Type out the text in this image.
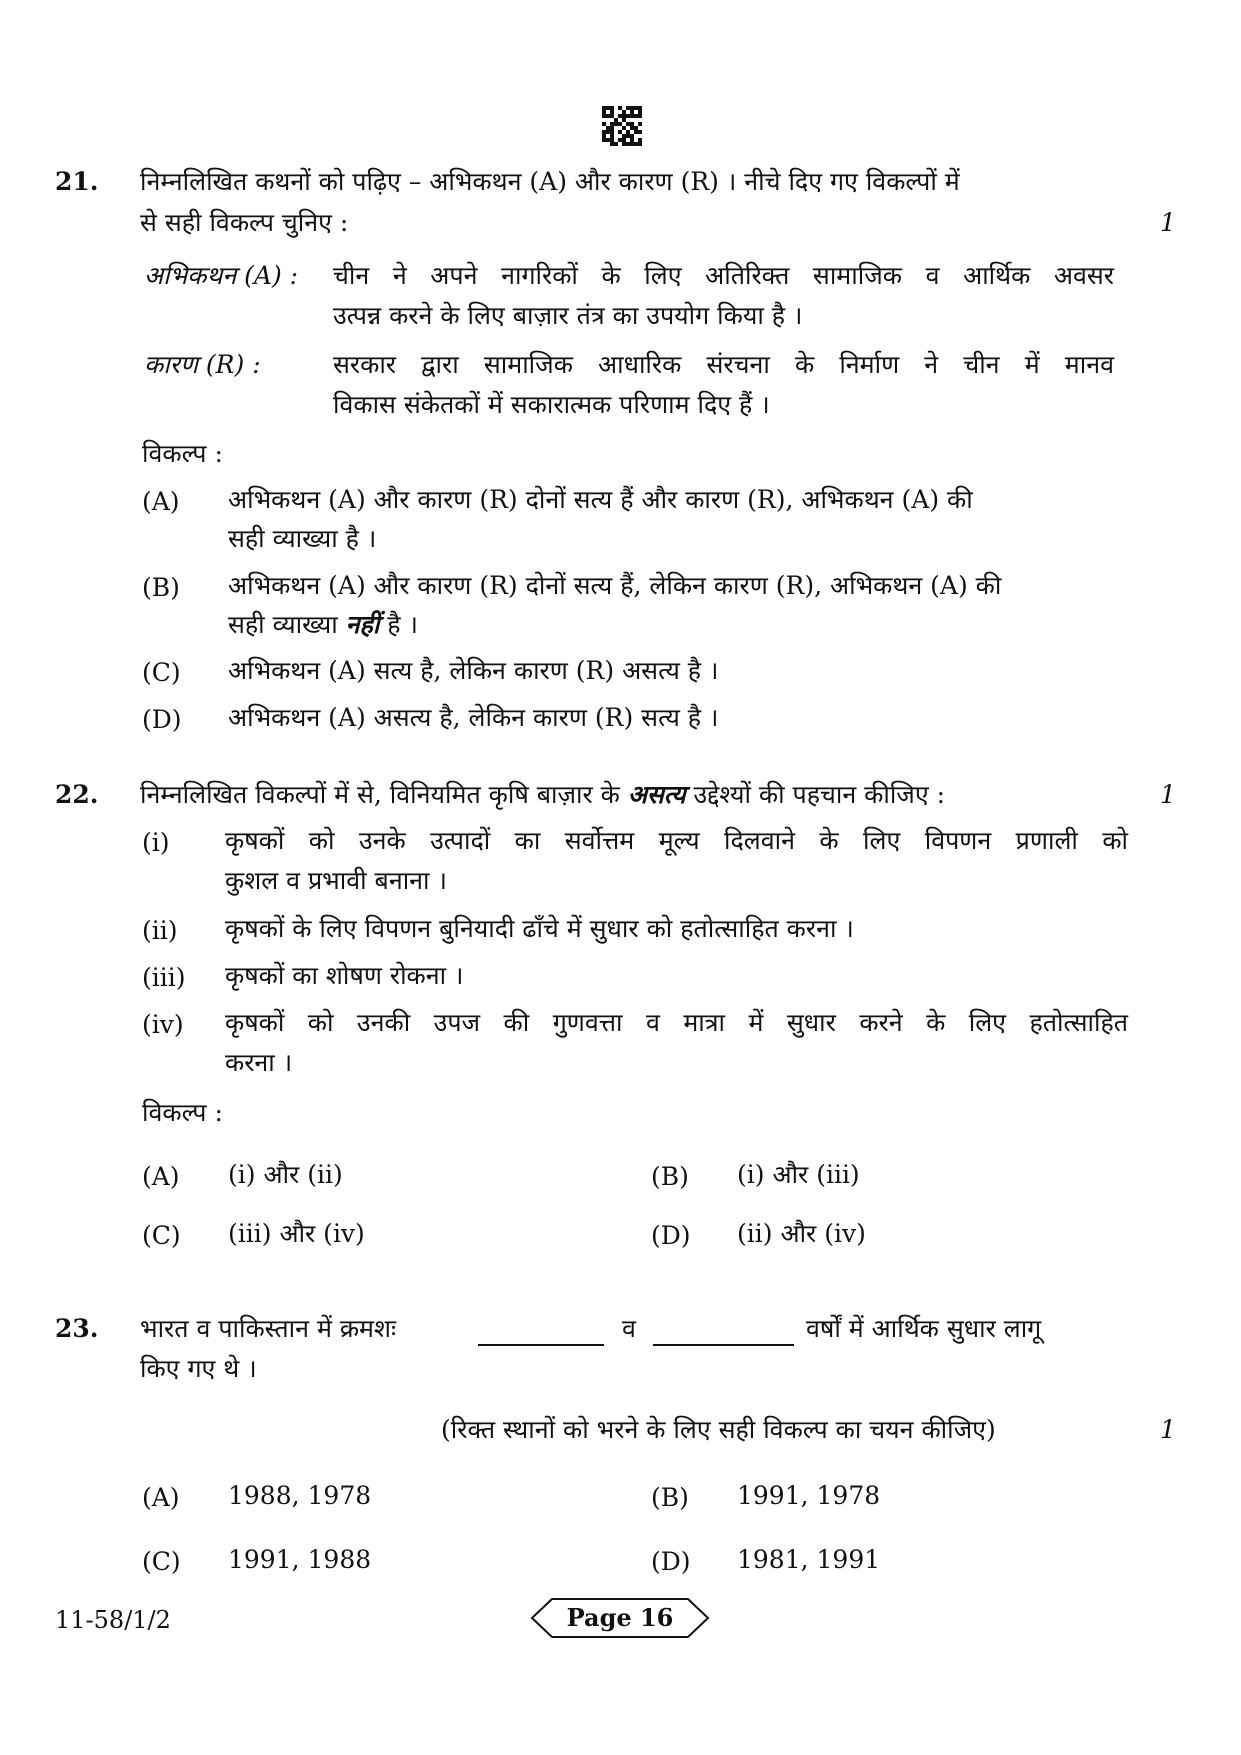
21. निम्नलिखित कथनों को पढ़िए – अभिकथन (A) और कारण (R) । नीचे दिए गए विकल्पों में
से सही विकल्प चुनिए :	1
अभिकथन (A) : चीन ने अपने नागरिकों के लिए अतिरिक्त सामाजिक व आर्थिक अवसर
उत्पन्न करने के लिए बाज़ार तंत्र का उपयोग किया है ।
कारण (R) :	सरकार द्वारा सामाजिक आधारिक संरचना के निर्माण ने चीन में मानव
विकास संकेतकों में सकारात्मक परिणाम दिए हैं ।
विकल्प :
(A) अभिकथन (A) और कारण (R) दोनों सत्य हैं और कारण (R), अभिकथन (A) की
सही व्याख्या है ।
(B) अभिकथन (A) और कारण (R) दोनों सत्य हैं, लेकिन कारण (R), अभिकथन (A) की
सही व्याख्या नहीं है ।
(C) अभिकथन (A) सत्य है, लेकिन कारण (R) असत्य है ।
(D) अभिकथन (A) असत्य है, लेकिन कारण (R) सत्य है ।
22. निम्नलिखित विकल्पों में से, विनियमित कृषि बाज़ार के असत्य उद्देश्यों की पहचान कीजिए :	1
(i) कृषकों को उनके उत्पादों का सर्वोत्तम मूल्य दिलवाने के लिए विपणन प्रणाली को
कुशल व प्रभावी बनाना ।
(ii) कृषकों के लिए विपणन बुनियादी ढाँचे में सुधार को हतोत्साहित करना ।
(iii) कृषकों का शोषण रोकना ।
(iv) कृषकों को उनकी उपज की गुणवत्ता व मात्रा में सुधार करने के लिए हतोत्साहित
करना ।
विकल्प :
(A) (i) और (ii)	(B) (i) और (iii)
(C) (iii) और (iv)	(D) (ii) और (iv)
23. भारत व पाकिस्तान में क्रमशः	व	वर्षों में आर्थिक सुधार लागू
किए गए थे ।
(रिक्त स्थानों को भरने के लिए सही विकल्प का चयन कीजिए)	1
(A) 1988, 1978	(B) 1991, 1978
(C) 1991, 1988	(D) 1981, 1991
11-58/1/2	Page 16
